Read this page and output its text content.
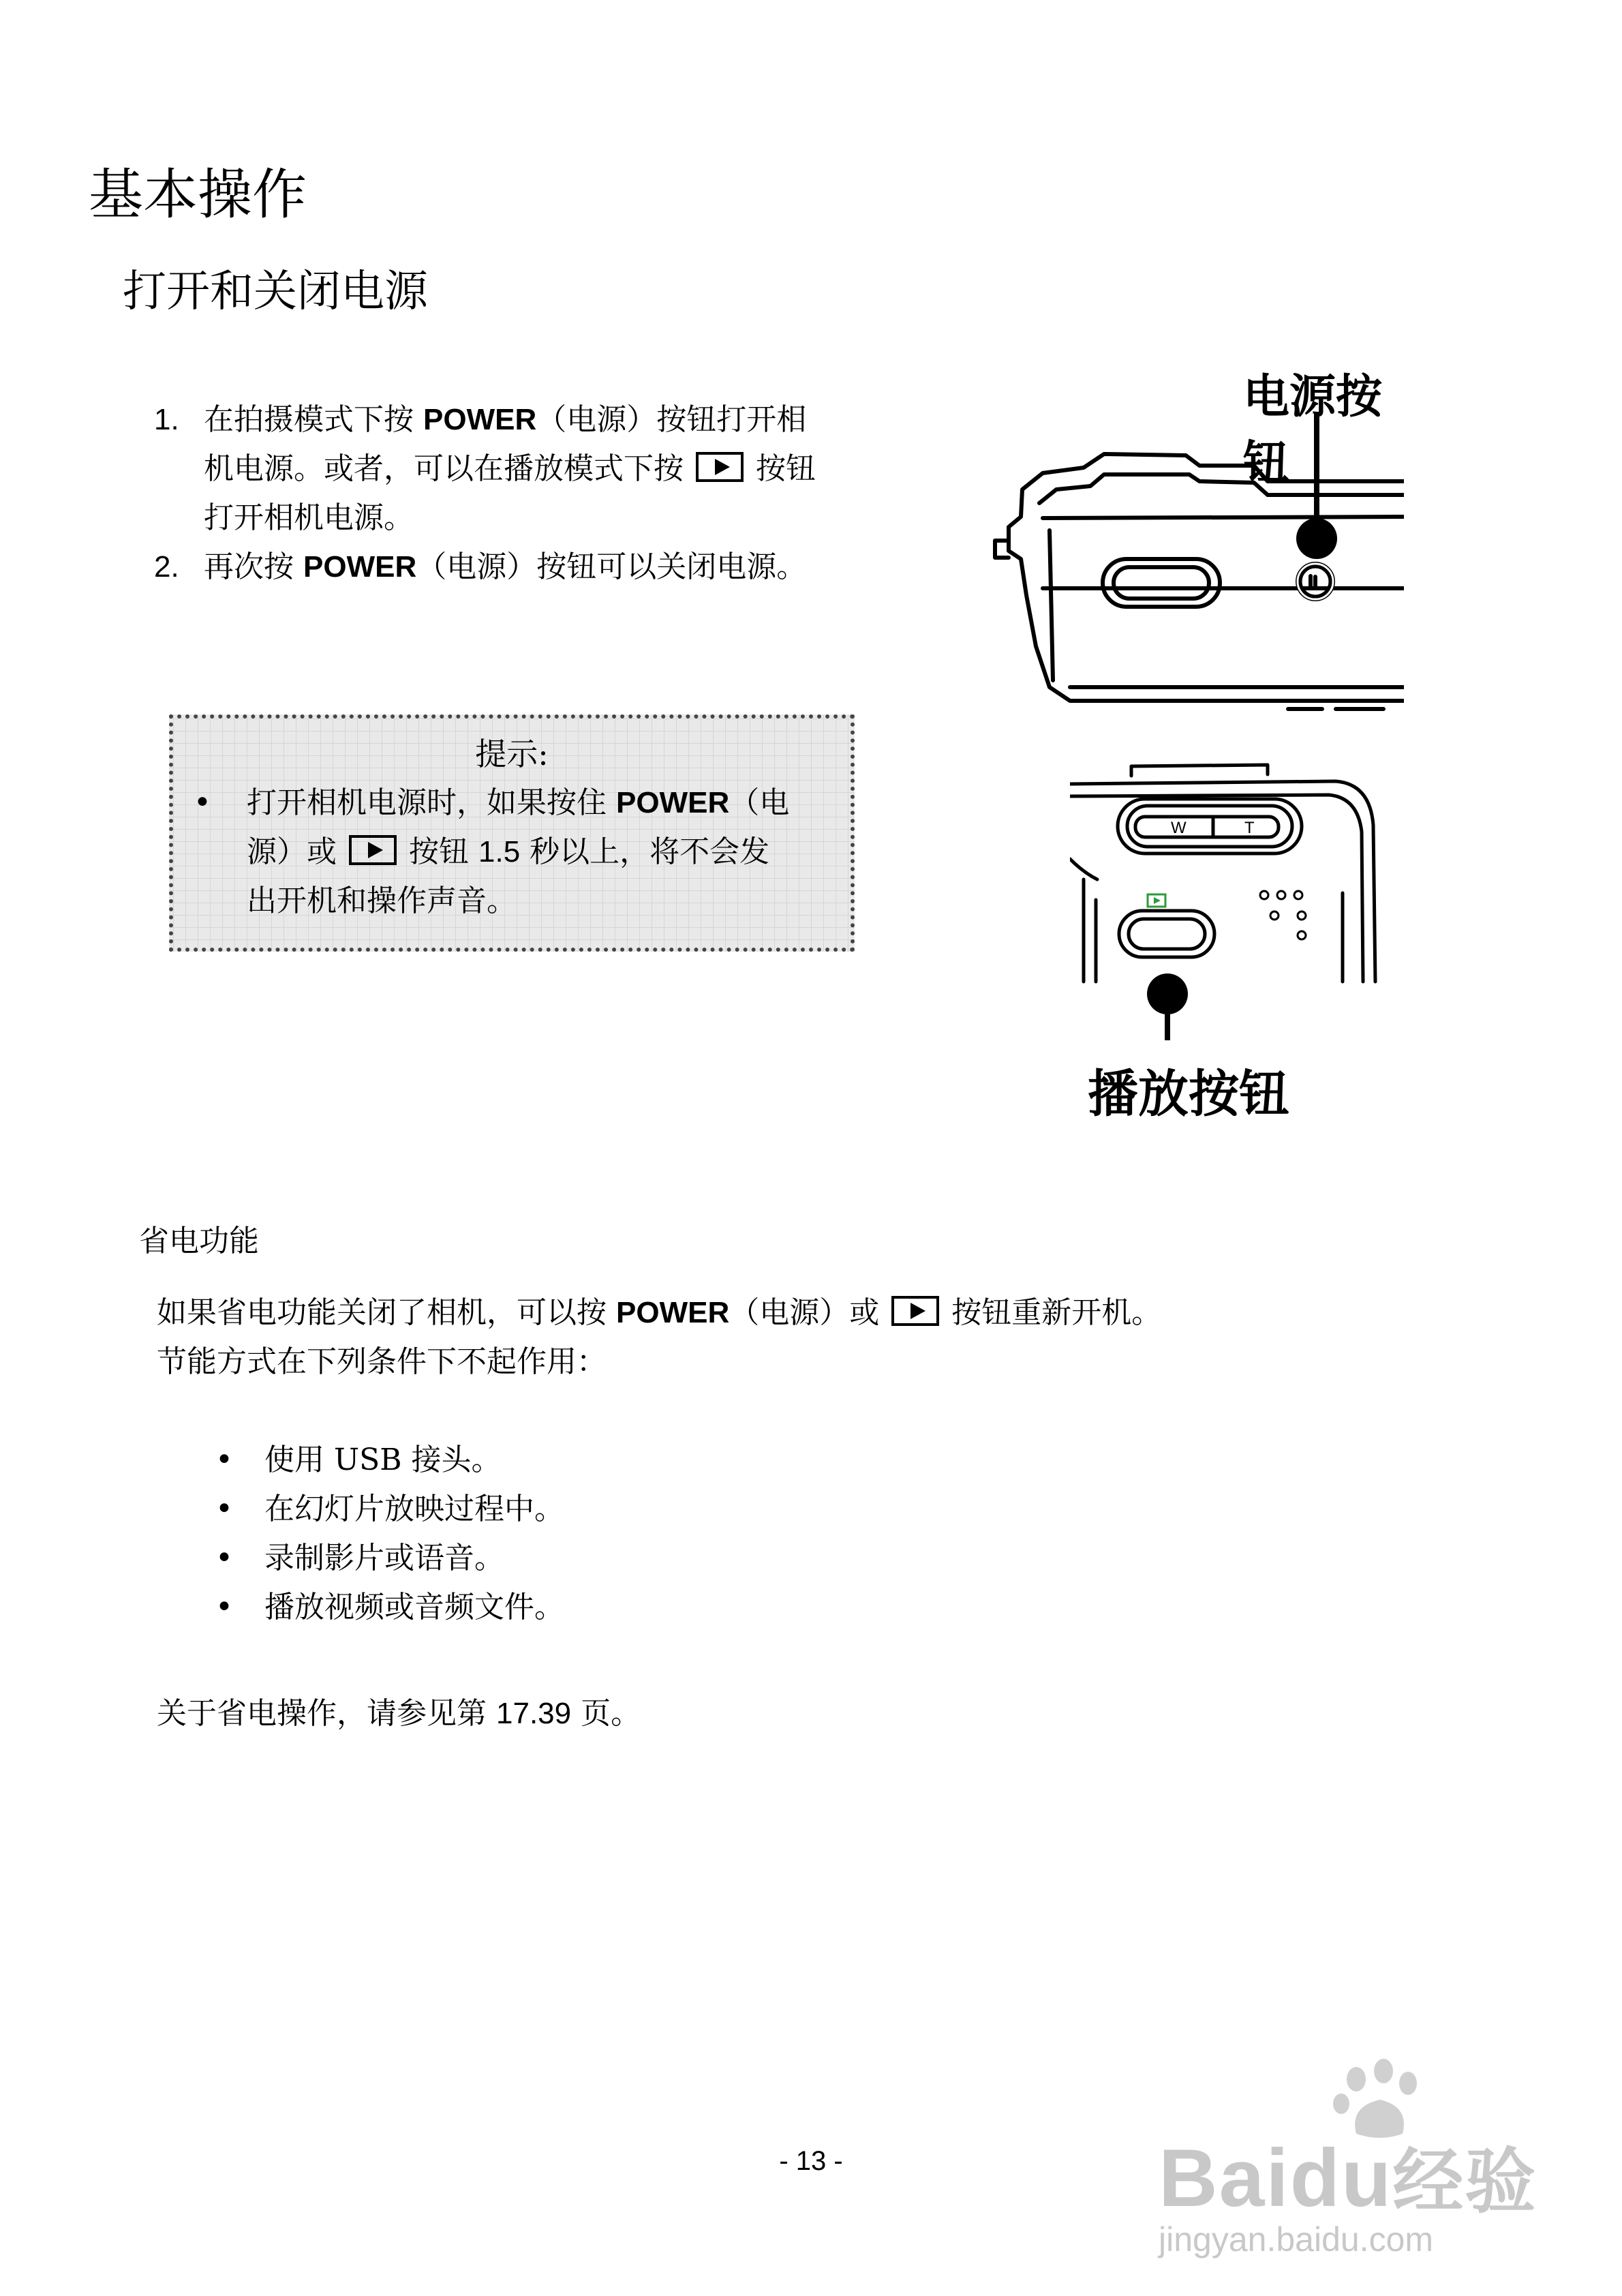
基本操作
打开和关闭电源
1. 在拍摄模式下按 POWER（电源）按钮打开相
机电源。或者，可以在播放模式下按 按钮
打开相机电源。
2. 再次按 POWER（电源）按钮可以关闭电源。
提示:
• 打开相机电源时，如果按住 POWER（电
源）或 按钮 1.5 秒以上，将不会发
出开机和操作声音。
电源按钮
W	T
播放按钮
省电功能
如果省电功能关闭了相机，可以按 POWER（电源）或 按钮重新开机。
节能方式在下列条件下不起作用：
• 使用 USB 接头。
• 在幻灯片放映过程中。
• 录制影片或语音。
• 播放视频或音频文件。
关于省电操作，请参见第 17.39 页。
- 13 -	Baidu经验
jingyan.baidu.com
